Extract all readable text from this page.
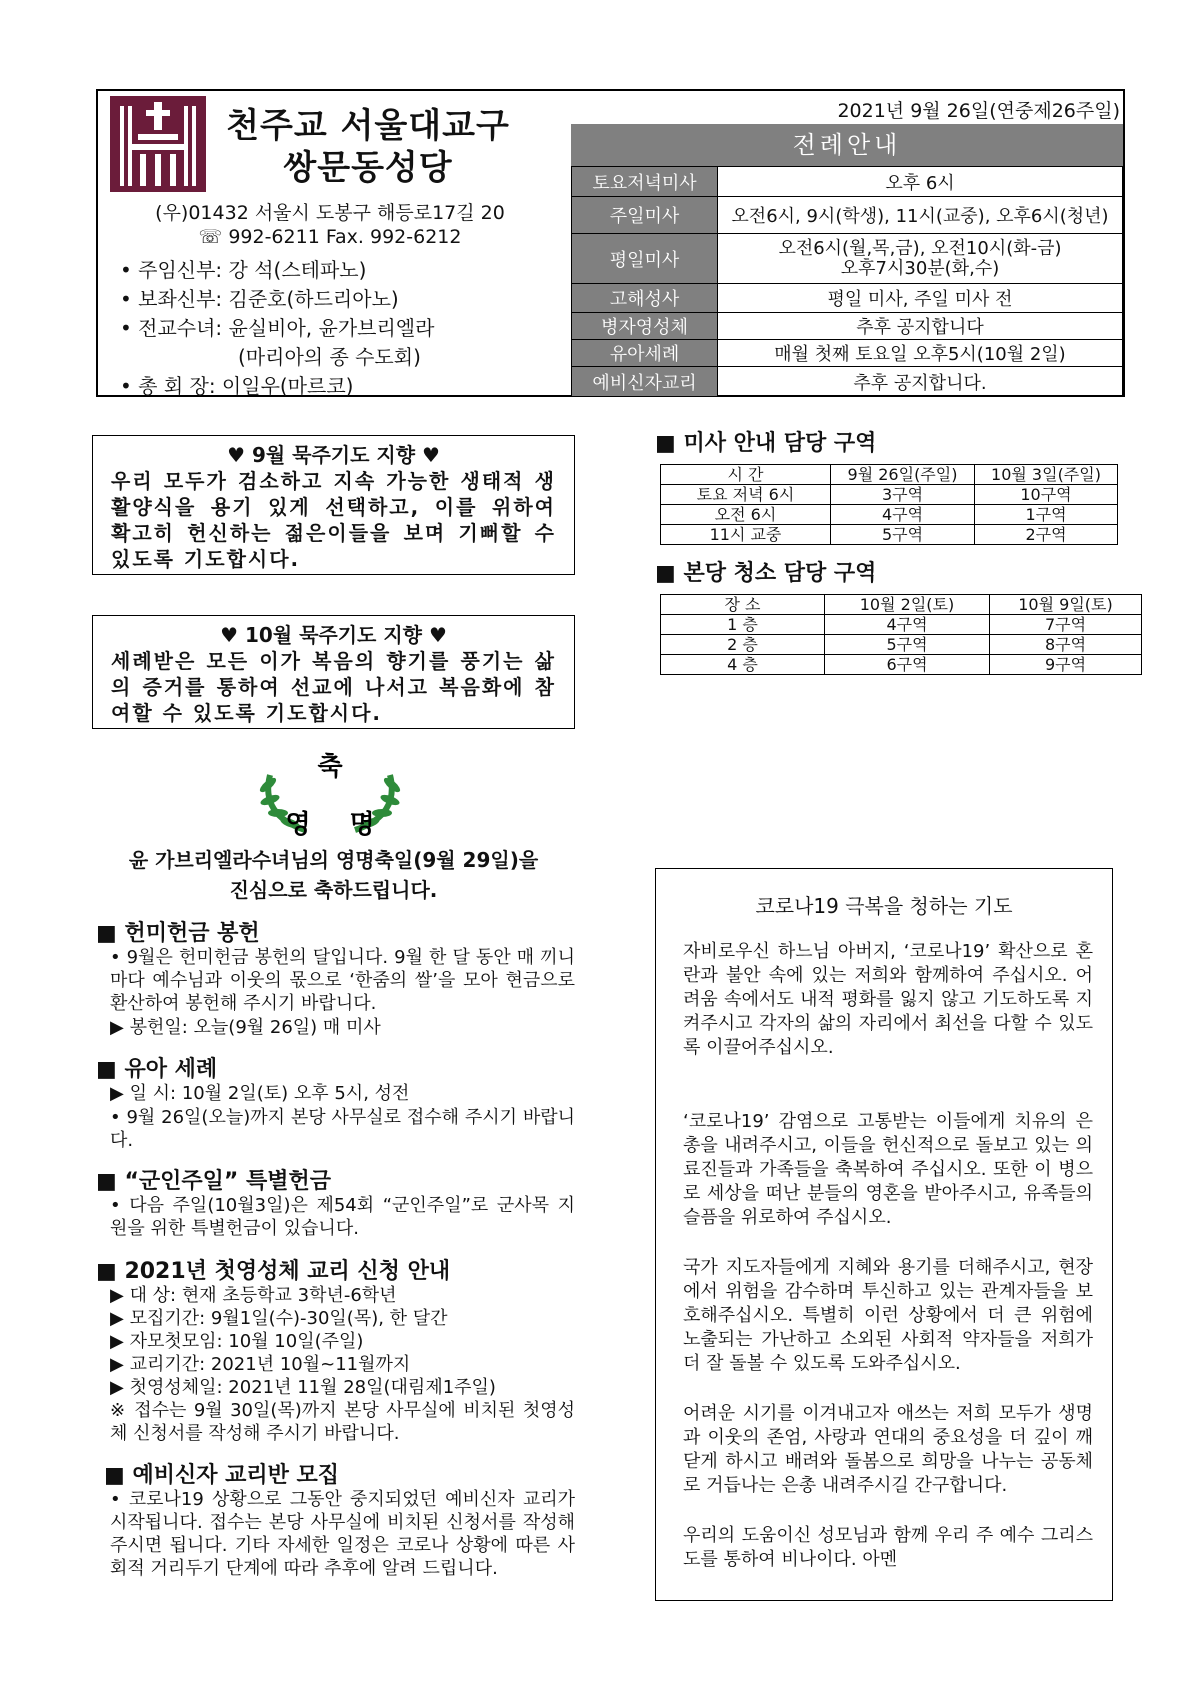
천주교 서울대교구
쌍문동성당
(우)01432 서울시 도봉구 해등로17길 20
☏ 992-6211 Fax. 992-6212
• 주임신부: 강 석(스테파노)
• 보좌신부: 김준호(하드리아노)
• 전교수녀: 윤실비아, 윤가브리엘라
(마리아의 종 수도회)
• 총 회 장: 이일우(마르코)
2021년 9월 26일(연중제26주일)
전례안내
토요저녁미사	오후 6시
주일미사	오전6시, 9시(학생), 11시(교중), 오후6시(청년)
평일미사	오전6시(월,목,금), 오전10시(화-금)
오후7시30분(화,수)

고해성사	평일 미사, 주일 미사 전
병자영성체	추후 공지합니다
유아세례	매월 첫째 토요일 오후5시(10월 2일)
예비신자교리	추후 공지합니다.
♥ 9월 묵주기도 지향 ♥
우리 모두가 검소하고 지속 가능한 생태적 생활양식을 용기 있게 선택하고, 이를 위하여 확고히 헌신하는 젊은이들을 보며 기뻐할 수 있도록 기도합시다.
♥ 10월 묵주기도 지향 ♥
세례받은 모든 이가 복음의 향기를 풍기는 삶의 증거를 통하여 선교에 나서고 복음화에 참여할 수 있도록 기도합시다.
■ 미사 안내 담당 구역
시 간	9월 26일(주일)	10월 3일(주일)
토요 저녁 6시	3구역	10구역
오전 6시	4구역	1구역
11시 교중	5구역	2구역
■ 본당 청소 담당 구역
장 소	10월 2일(토)	10월 9일(토)
1 층	4구역	7구역
2 층	5구역	8구역
4 층	6구역	9구역
축
영 명
윤 가브리엘라수녀님의 영명축일(9월 29일)을
진심으로 축하드립니다.
■ 헌미헌금 봉헌
• 9월은 헌미헌금 봉헌의 달입니다. 9월 한 달 동안 매 끼니마다 예수님과 이웃의 몫으로 ‘한줌의 쌀’을 모아 현금으로 환산하여 봉헌해 주시기 바랍니다.
▶ 봉헌일: 오늘(9월 26일) 매 미사
■ 유아 세례
▶ 일 시: 10월 2일(토) 오후 5시, 성전
• 9월 26일(오늘)까지 본당 사무실로 접수해 주시기 바랍니다.
■ “군인주일” 특별헌금
• 다음 주일(10월3일)은 제54회 “군인주일”로 군사목 지원을 위한 특별헌금이 있습니다.
■ 2021년 첫영성체 교리 신청 안내
▶ 대 상: 현재 초등학교 3학년-6학년
▶ 모집기간: 9월1일(수)-30일(목), 한 달간
▶ 자모첫모임: 10월 10일(주일)
▶ 교리기간: 2021년 10월~11월까지
▶ 첫영성체일: 2021년 11월 28일(대림제1주일)
※ 접수는 9월 30일(목)까지 본당 사무실에 비치된 첫영성체 신청서를 작성해 주시기 바랍니다.
■ 예비신자 교리반 모집
• 코로나19 상황으로 그동안 중지되었던 예비신자 교리가 시작됩니다. 접수는 본당 사무실에 비치된 신청서를 작성해 주시면 됩니다. 기타 자세한 일정은 코로나 상황에 따른 사회적 거리두기 단계에 따라 추후에 알려 드립니다.
코로나19 극복을 청하는 기도
자비로우신 하느님 아버지, ‘코로나19’ 확산으로 혼란과 불안 속에 있는 저희와 함께하여 주십시오. 어려움 속에서도 내적 평화를 잃지 않고 기도하도록 지켜주시고 각자의 삶의 자리에서 최선을 다할 수 있도록 이끌어주십시오.
‘코로나19’ 감염으로 고통받는 이들에게 치유의 은총을 내려주시고, 이들을 헌신적으로 돌보고 있는 의료진들과 가족들을 축복하여 주십시오. 또한 이 병으로 세상을 떠난 분들의 영혼을 받아주시고, 유족들의 슬픔을 위로하여 주십시오.
국가 지도자들에게 지혜와 용기를 더해주시고, 현장에서 위험을 감수하며 투신하고 있는 관계자들을 보호해주십시오. 특별히 이런 상황에서 더 큰 위험에 노출되는 가난하고 소외된 사회적 약자들을 저희가 더 잘 돌볼 수 있도록 도와주십시오.
어려운 시기를 이겨내고자 애쓰는 저희 모두가 생명과 이웃의 존엄, 사랑과 연대의 중요성을 더 깊이 깨닫게 하시고 배려와 돌봄으로 희망을 나누는 공동체로 거듭나는 은총 내려주시길 간구합니다.
우리의 도움이신 성모님과 함께 우리 주 예수 그리스도를 통하여 비나이다. 아멘
